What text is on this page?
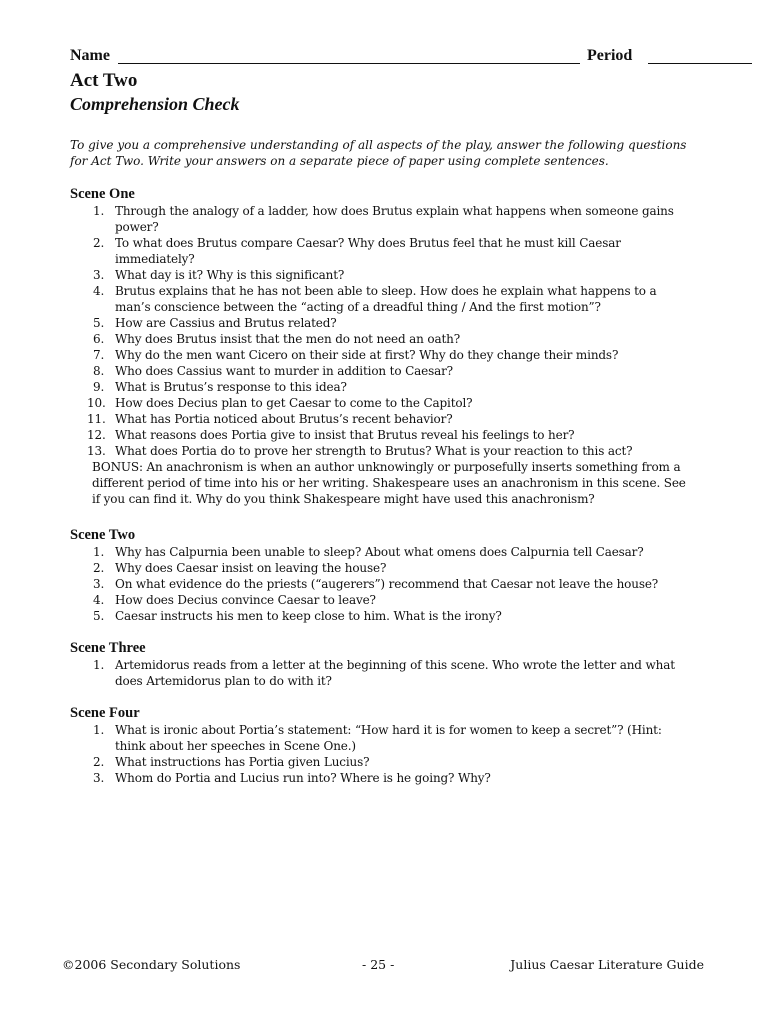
Name	Period
Act Two
Comprehension Check
To give you a comprehensive understanding of all aspects of the play, answer the following questions for Act Two. Write your answers on a separate piece of paper using complete sentences.
Scene One
1. Through the analogy of a ladder, how does Brutus explain what happens when someone gains power?
2. To what does Brutus compare Caesar? Why does Brutus feel that he must kill Caesar immediately?
3. What day is it? Why is this significant?
4. Brutus explains that he has not been able to sleep. How does he explain what happens to a man’s conscience between the “acting of a dreadful thing / And the first motion”?
5. How are Cassius and Brutus related?
6. Why does Brutus insist that the men do not need an oath?
7. Why do the men want Cicero on their side at first? Why do they change their minds?
8. Who does Cassius want to murder in addition to Caesar?
9. What is Brutus’s response to this idea?
10. How does Decius plan to get Caesar to come to the Capitol?
11. What has Portia noticed about Brutus’s recent behavior?
12. What reasons does Portia give to insist that Brutus reveal his feelings to her?
13. What does Portia do to prove her strength to Brutus? What is your reaction to this act?
BONUS: An anachronism is when an author unknowingly or purposefully inserts something from a different period of time into his or her writing. Shakespeare uses an anachronism in this scene. See if you can find it. Why do you think Shakespeare might have used this anachronism?
Scene Two
1. Why has Calpurnia been unable to sleep? About what omens does Calpurnia tell Caesar?
2. Why does Caesar insist on leaving the house?
3. On what evidence do the priests (“augerers”) recommend that Caesar not leave the house?
4. How does Decius convince Caesar to leave?
5. Caesar instructs his men to keep close to him. What is the irony?
Scene Three
1. Artemidorus reads from a letter at the beginning of this scene. Who wrote the letter and what does Artemidorus plan to do with it?
Scene Four
1. What is ironic about Portia’s statement: “How hard it is for women to keep a secret”? (Hint: think about her speeches in Scene One.)
2. What instructions has Portia given Lucius?
3. Whom do Portia and Lucius run into? Where is he going? Why?
©2006 Secondary Solutions	- 25 -	Julius Caesar Literature Guide
